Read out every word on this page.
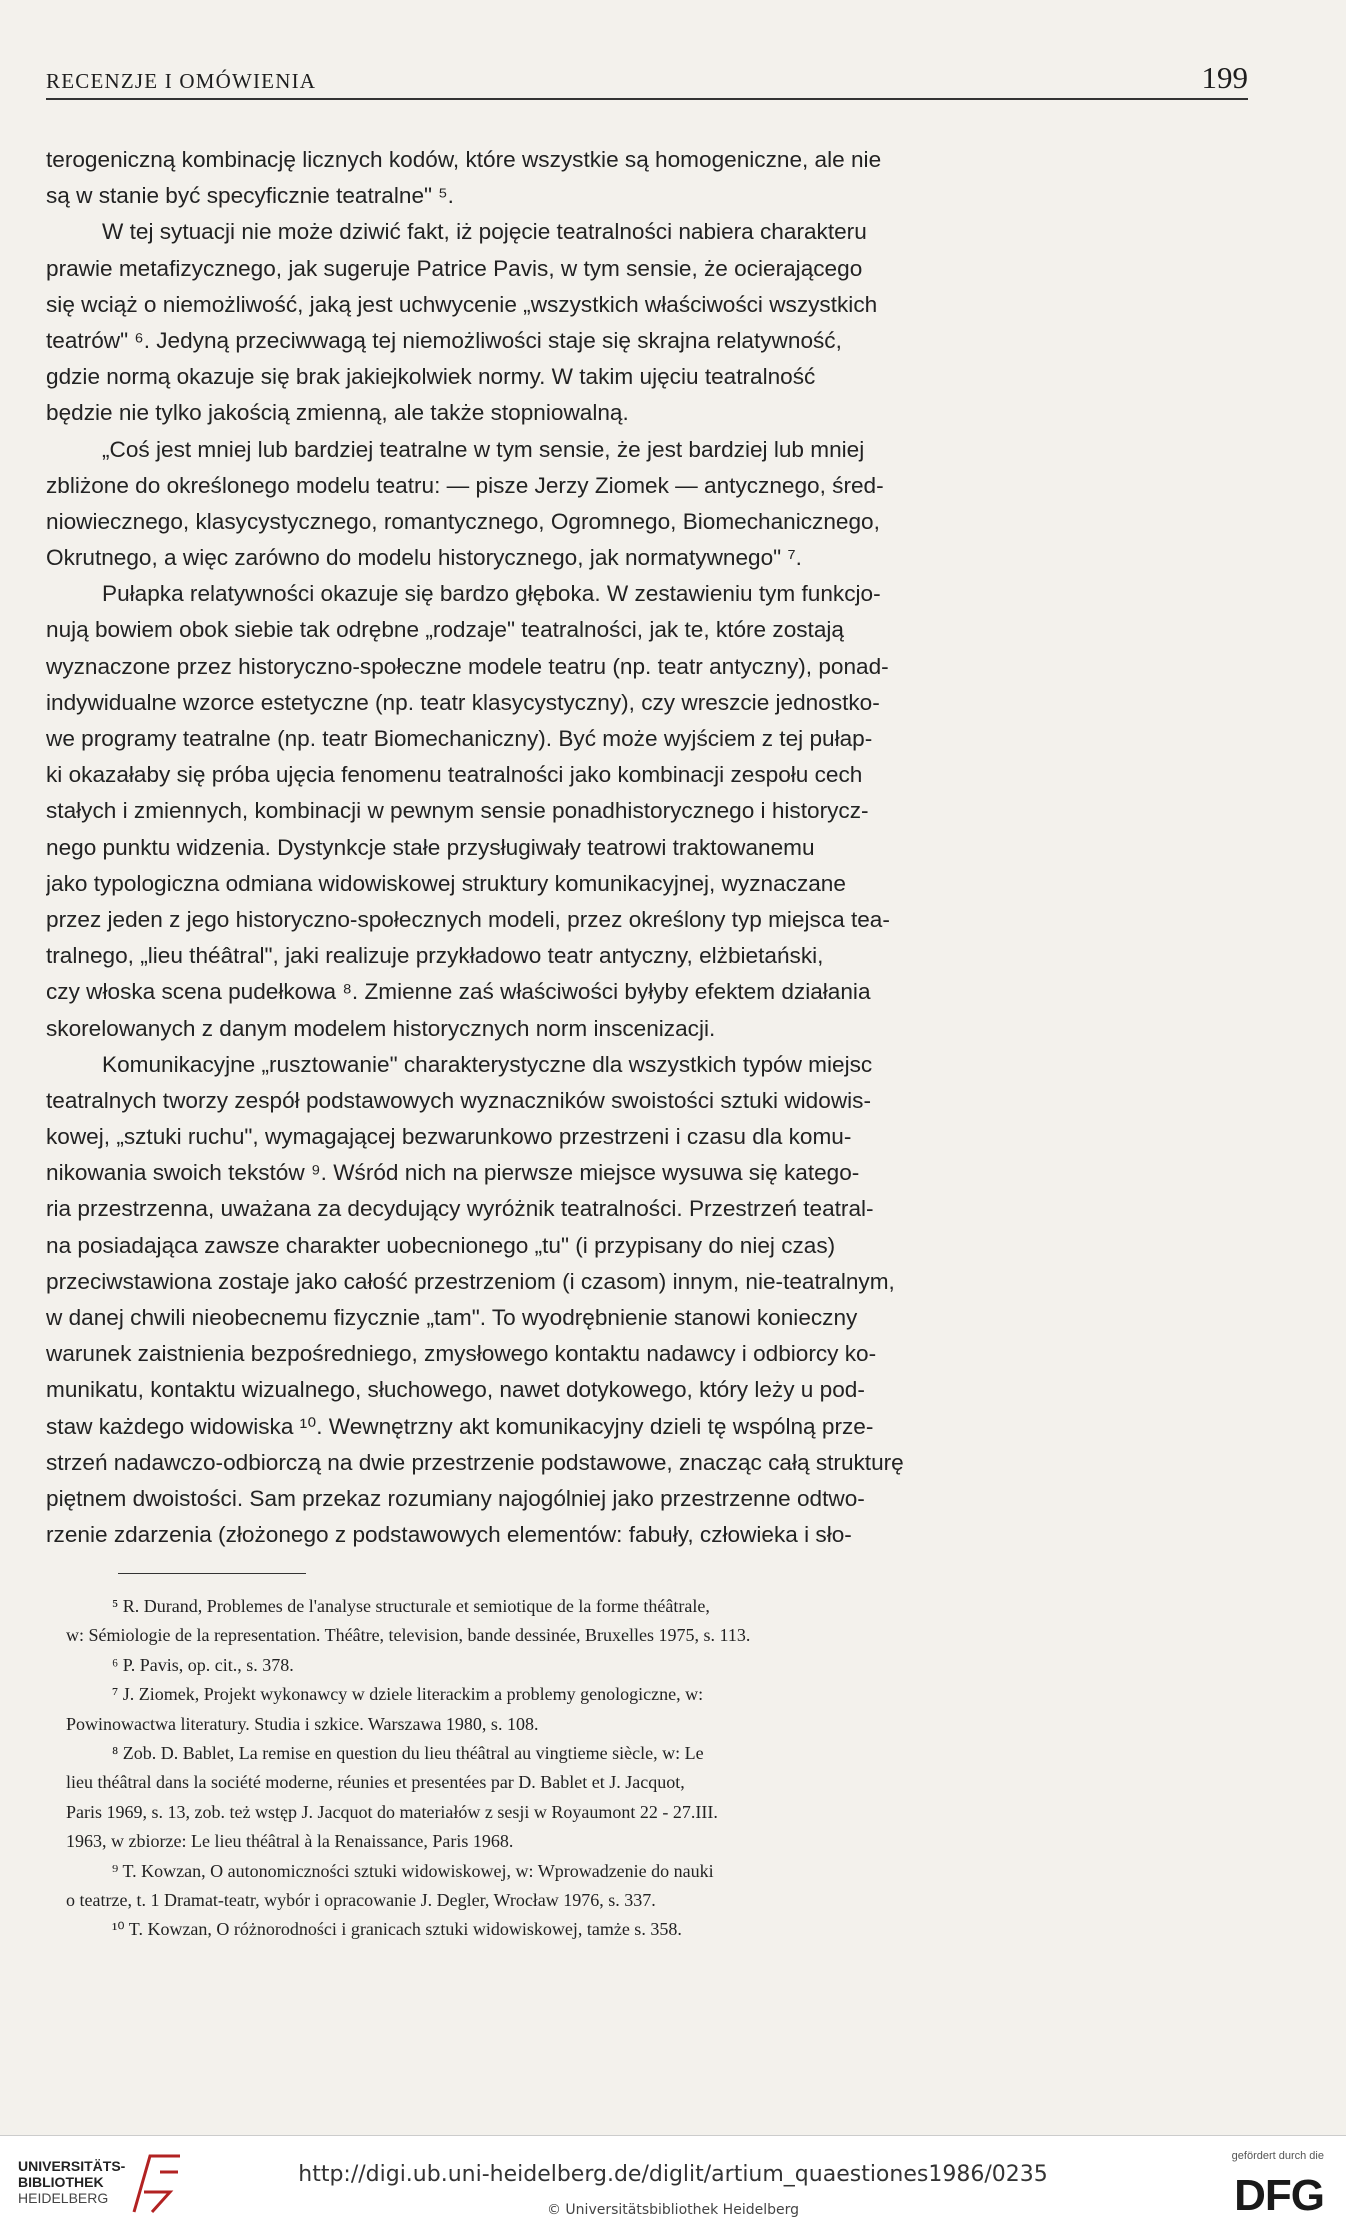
RECENZJE I OMÓWIENIA	199
terogeniczną kombinację licznych kodów, które wszystkie są homogeniczne, ale nie
są w stanie być specyficznie teatralne" ⁵.
W tej sytuacji nie może dziwić fakt, iż pojęcie teatralności nabiera charakteru
prawie metafizycznego, jak sugeruje Patrice Pavis, w tym sensie, że ocierającego
się wciąż o niemożliwość, jaką jest uchwycenie „wszystkich właściwości wszystkich
teatrów" ⁶. Jedyną przeciwwagą tej niemożliwości staje się skrajna relatywność,
gdzie normą okazuje się brak jakiejkolwiek normy. W takim ujęciu teatralność
będzie nie tylko jakością zmienną, ale także stopniowalną.
„Coś jest mniej lub bardziej teatralne w tym sensie, że jest bardziej lub mniej
zbliżone do określonego modelu teatru: — pisze Jerzy Ziomek — antycznego, śred-
niowiecznego, klasycystycznego, romantycznego, Ogromnego, Biomechanicznego,
Okrutnego, a więc zarówno do modelu historycznego, jak normatywnego" ⁷.
Pułapka relatywności okazuje się bardzo głęboka. W zestawieniu tym funkcjo-
nują bowiem obok siebie tak odrębne „rodzaje" teatralności, jak te, które zostają
wyznaczone przez historyczno-społeczne modele teatru (np. teatr antyczny), ponad-
indywidualne wzorce estetyczne (np. teatr klasycystyczny), czy wreszcie jednostko-
we programy teatralne (np. teatr Biomechaniczny). Być może wyjściem z tej pułap-
ki okazałaby się próba ujęcia fenomenu teatralności jako kombinacji zespołu cech
stałych i zmiennych, kombinacji w pewnym sensie ponadhistorycznego i historycz-
nego punktu widzenia. Dystynkcje stałe przysługiwały teatrowi traktowanemu
jako typologiczna odmiana widowiskowej struktury komunikacyjnej, wyznaczane
przez jeden z jego historyczno-społecznych modeli, przez określony typ miejsca tea-
tralnego, „lieu théâtral", jaki realizuje przykładowo teatr antyczny, elżbietański,
czy włoska scena pudełkowa ⁸. Zmienne zaś właściwości byłyby efektem działania
skorelowanych z danym modelem historycznych norm inscenizacji.
Komunikacyjne „rusztowanie" charakterystyczne dla wszystkich typów miejsc
teatralnych tworzy zespół podstawowych wyznaczników swoistości sztuki widowis-
kowej, „sztuki ruchu", wymagającej bezwarunkowo przestrzeni i czasu dla komu-
nikowania swoich tekstów ⁹. Wśród nich na pierwsze miejsce wysuwa się katego-
ria przestrzenna, uważana za decydujący wyróżnik teatralności. Przestrzeń teatral-
na posiadająca zawsze charakter uobecnionego „tu" (i przypisany do niej czas)
przeciwstawiona zostaje jako całość przestrzeniom (i czasom) innym, nie-teatralnym,
w danej chwili nieobecnemu fizycznie „tam". To wyodrębnienie stanowi konieczny
warunek zaistnienia bezpośredniego, zmysłowego kontaktu nadawcy i odbiorcy ko-
munikatu, kontaktu wizualnego, słuchowego, nawet dotykowego, który leży u pod-
staw każdego widowiska ¹⁰. Wewnętrzny akt komunikacyjny dzieli tę wspólną prze-
strzeń nadawczo-odbiorczą na dwie przestrzenie podstawowe, znacząc całą strukturę
piętnem dwoistości. Sam przekaz rozumiany najogólniej jako przestrzenne odtwo-
rzenie zdarzenia (złożonego z podstawowych elementów: fabuły, człowieka i sło-
⁵ R. Durand, Problemes de l'analyse structurale et semiotique de la forme théâtrale,
w: Sémiologie de la representation. Théâtre, television, bande dessinée, Bruxelles 1975, s. 113.
⁶ P. Pavis, op. cit., s. 378.
⁷ J. Ziomek, Projekt wykonawcy w dziele literackim a problemy genologiczne, w:
Powinowactwa literatury. Studia i szkice. Warszawa 1980, s. 108.
⁸ Zob. D. Bablet, La remise en question du lieu théâtral au vingtieme siècle, w: Le
lieu théâtral dans la société moderne, réunies et presentées par D. Bablet et J. Jacquot,
Paris 1969, s. 13, zob. też wstęp J. Jacquot do materiałów z sesji w Royaumont 22 - 27.III.
1963, w zbiorze: Le lieu théâtral à la Renaissance, Paris 1968.
⁹ T. Kowzan, O autonomiczności sztuki widowiskowej, w: Wprowadzenie do nauki
o teatrze, t. 1 Dramat-teatr, wybór i opracowanie J. Degler, Wrocław 1976, s. 337.
¹⁰ T. Kowzan, O różnorodności i granicach sztuki widowiskowej, tamże s. 358.
UNIVERSITÄTS-
BIBLIOTHEK
HEIDELBERG
http://digi.ub.uni-heidelberg.de/diglit/artium_quaestiones1986/0235
© Universitätsbibliothek Heidelberg
gefördert durch die
DFG
